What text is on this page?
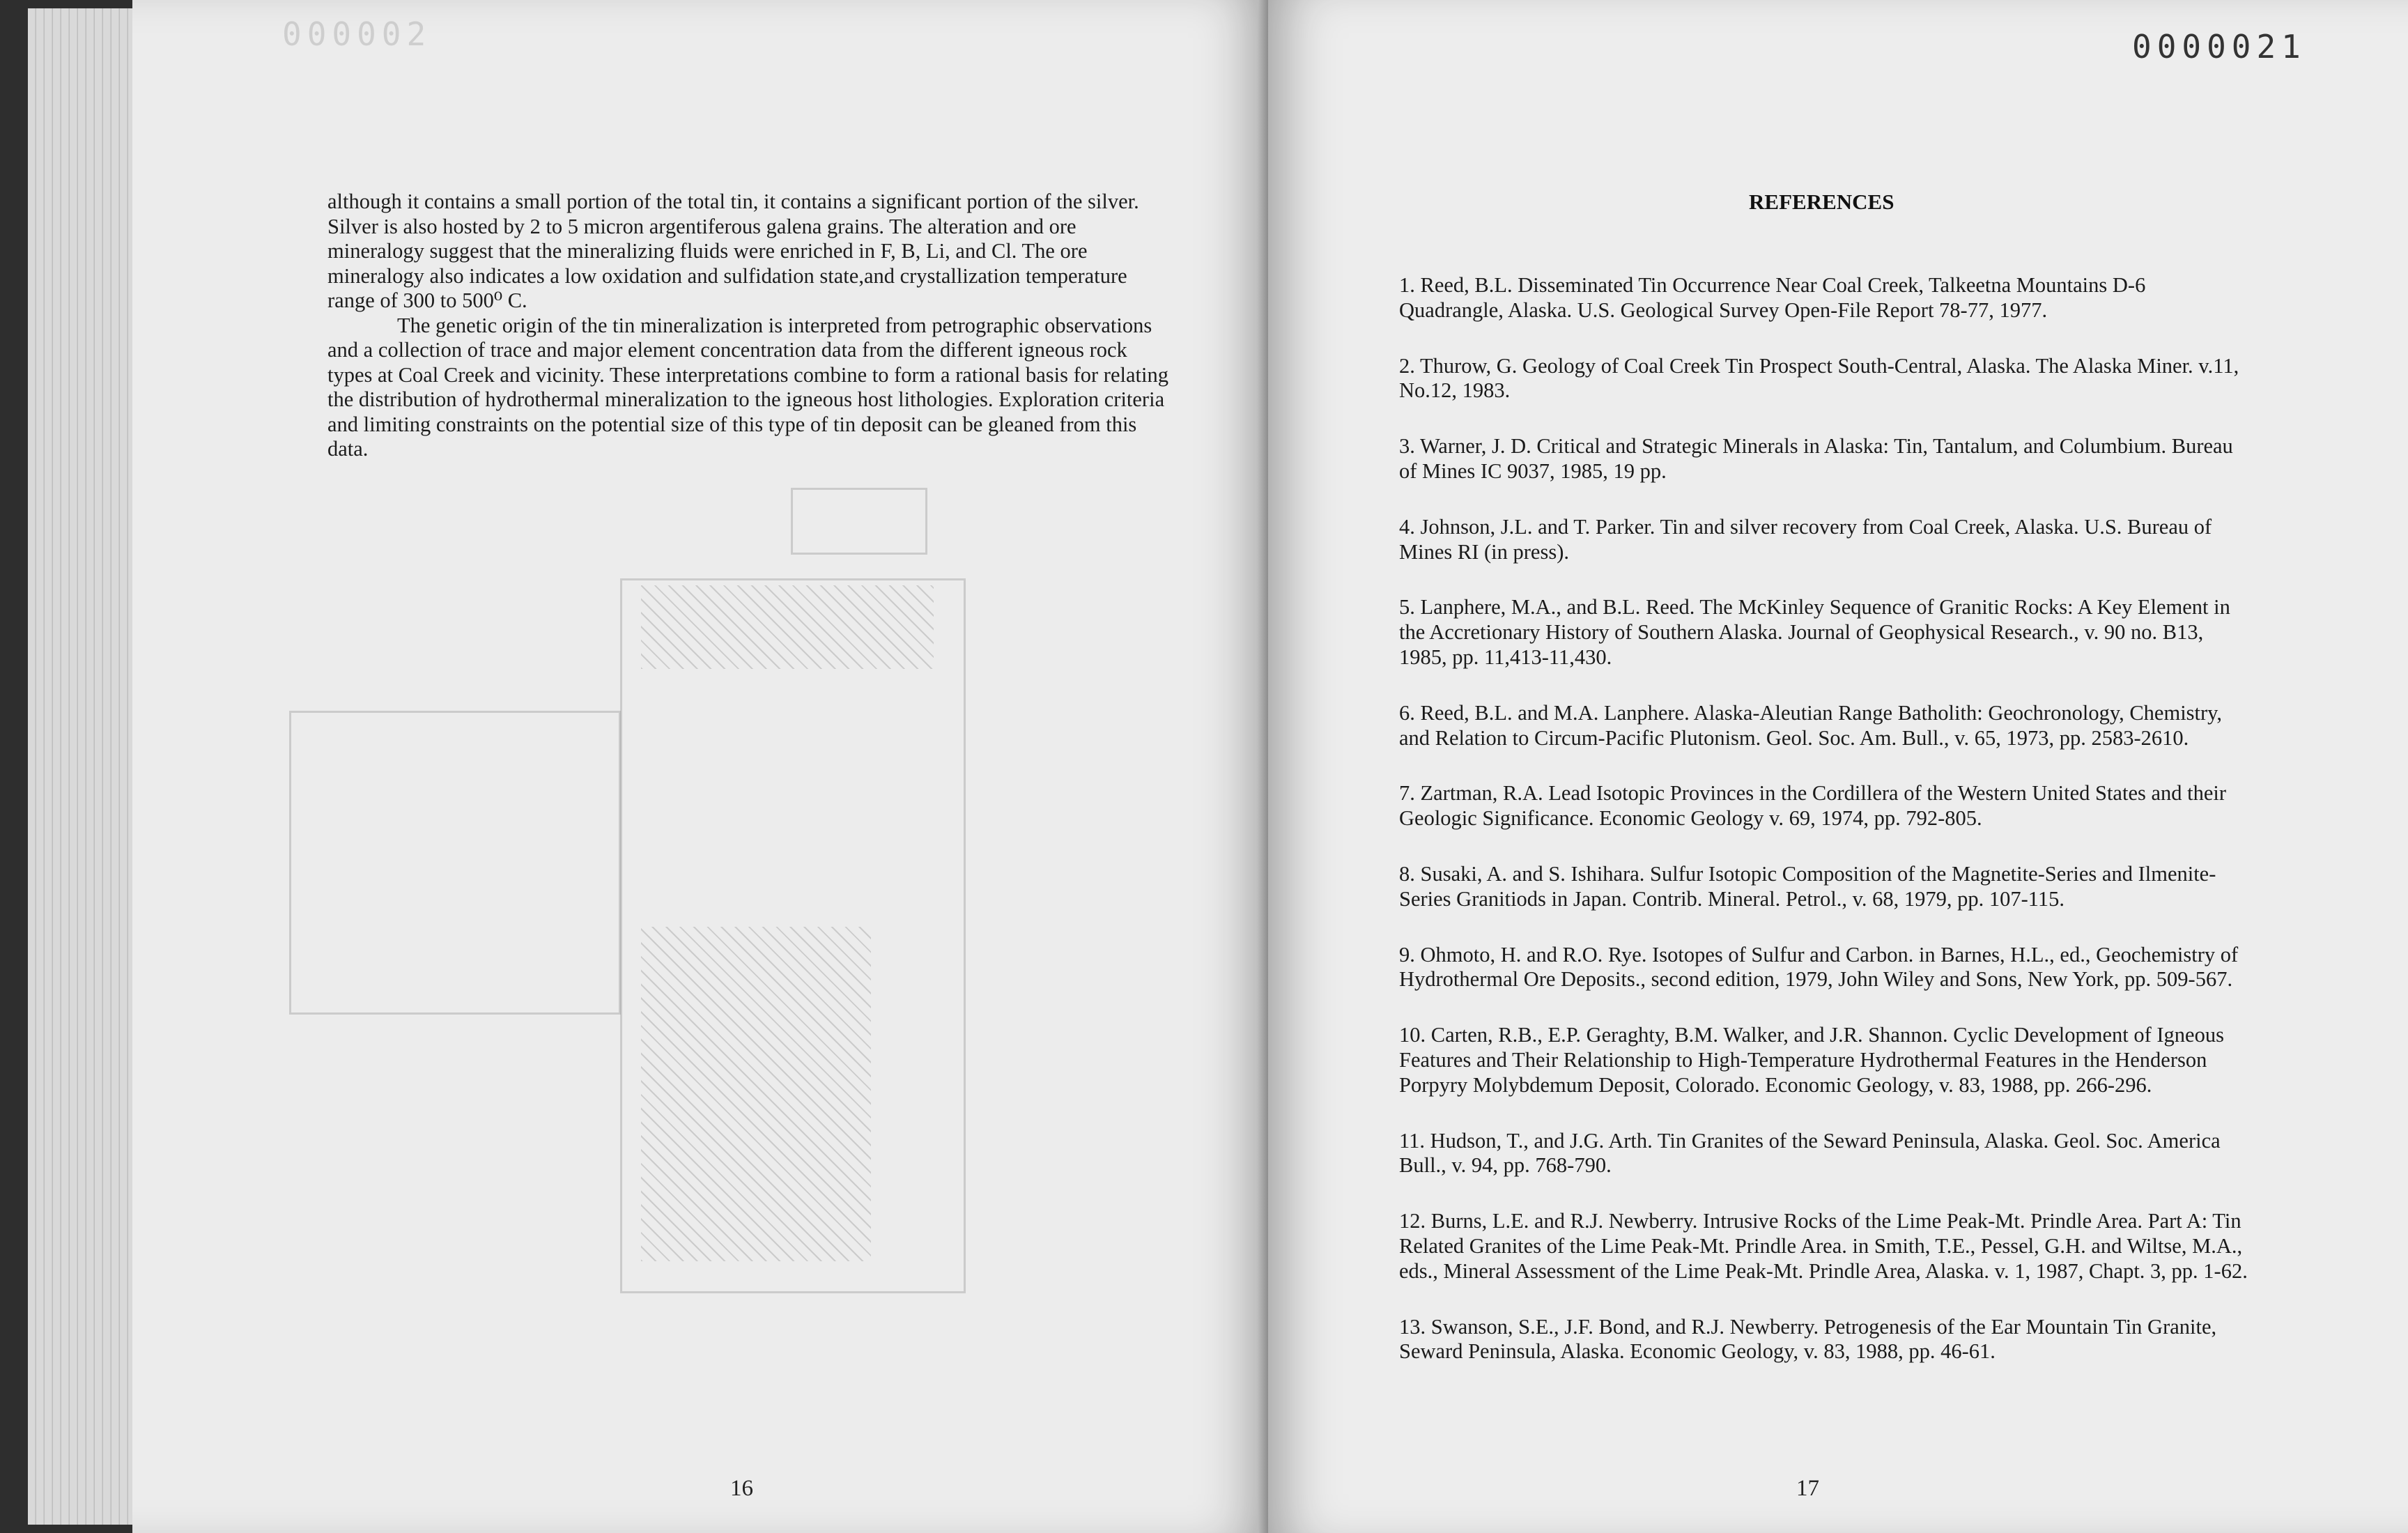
000002

although it contains a small portion of the total tin, it contains a significant portion of the silver. Silver is also hosted by 2 to 5 micron argentiferous galena grains. The alteration and ore mineralogy suggest that the mineralizing fluids were enriched in F, B, Li, and Cl. The ore mineralogy also indicates a low oxidation and sulfidation state,and crystallization temperature range of 300 to 500⁰ C.

The genetic origin of the tin mineralization is interpreted from petrographic observations and a collection of trace and major element concentration data from the different igneous rock types at Coal Creek and vicinity. These interpretations combine to form a rational basis for relating the distribution of hydrothermal mineralization to the igneous host lithologies. Exploration criteria and limiting constraints on the potential size of this type of tin deposit can be gleaned from this data.

16
0000021
REFERENCES

1. Reed, B.L. Disseminated Tin Occurrence Near Coal Creek, Talkeetna Mountains D-6 Quadrangle, Alaska. U.S. Geological Survey Open-File Report 78-77, 1977.

2. Thurow, G. Geology of Coal Creek Tin Prospect South-Central, Alaska. The Alaska Miner. v.11, No.12, 1983.

3. Warner, J. D. Critical and Strategic Minerals in Alaska: Tin, Tantalum, and Columbium. Bureau of Mines IC 9037, 1985, 19 pp.

4. Johnson, J.L. and T. Parker. Tin and silver recovery from Coal Creek, Alaska. U.S. Bureau of Mines RI (in press).

5. Lanphere, M.A., and B.L. Reed. The McKinley Sequence of Granitic Rocks: A Key Element in the Accretionary History of Southern Alaska. Journal of Geophysical Research., v. 90 no. B13, 1985, pp. 11,413-11,430.

6. Reed, B.L. and M.A. Lanphere. Alaska-Aleutian Range Batholith: Geochronology, Chemistry, and Relation to Circum-Pacific Plutonism. Geol. Soc. Am. Bull., v. 65, 1973, pp. 2583-2610.

7. Zartman, R.A. Lead Isotopic Provinces in the Cordillera of the Western United States and their Geologic Significance. Economic Geology v. 69, 1974, pp. 792-805.

8. Susaki, A. and S. Ishihara. Sulfur Isotopic Composition of the Magnetite-Series and Ilmenite-Series Granitiods in Japan. Contrib. Mineral. Petrol., v. 68, 1979, pp. 107-115.

9. Ohmoto, H. and R.O. Rye. Isotopes of Sulfur and Carbon. in Barnes, H.L., ed., Geochemistry of Hydrothermal Ore Deposits., second edition, 1979, John Wiley and Sons, New York, pp. 509-567.

10. Carten, R.B., E.P. Geraghty, B.M. Walker, and J.R. Shannon. Cyclic Development of Igneous Features and Their Relationship to High-Temperature Hydrothermal Features in the Henderson Porpyry Molybdemum Deposit, Colorado. Economic Geology, v. 83, 1988, pp. 266-296.

11. Hudson, T., and J.G. Arth. Tin Granites of the Seward Peninsula, Alaska. Geol. Soc. America Bull., v. 94, pp. 768-790.

12. Burns, L.E. and R.J. Newberry. Intrusive Rocks of the Lime Peak-Mt. Prindle Area. Part A: Tin Related Granites of the Lime Peak-Mt. Prindle Area. in Smith, T.E., Pessel, G.H. and Wiltse, M.A., eds., Mineral Assessment of the Lime Peak-Mt. Prindle Area, Alaska. v. 1, 1987, Chapt. 3, pp. 1-62.

13. Swanson, S.E., J.F. Bond, and R.J. Newberry. Petrogenesis of the Ear Mountain Tin Granite, Seward Peninsula, Alaska. Economic Geology, v. 83, 1988, pp. 46-61.

17
